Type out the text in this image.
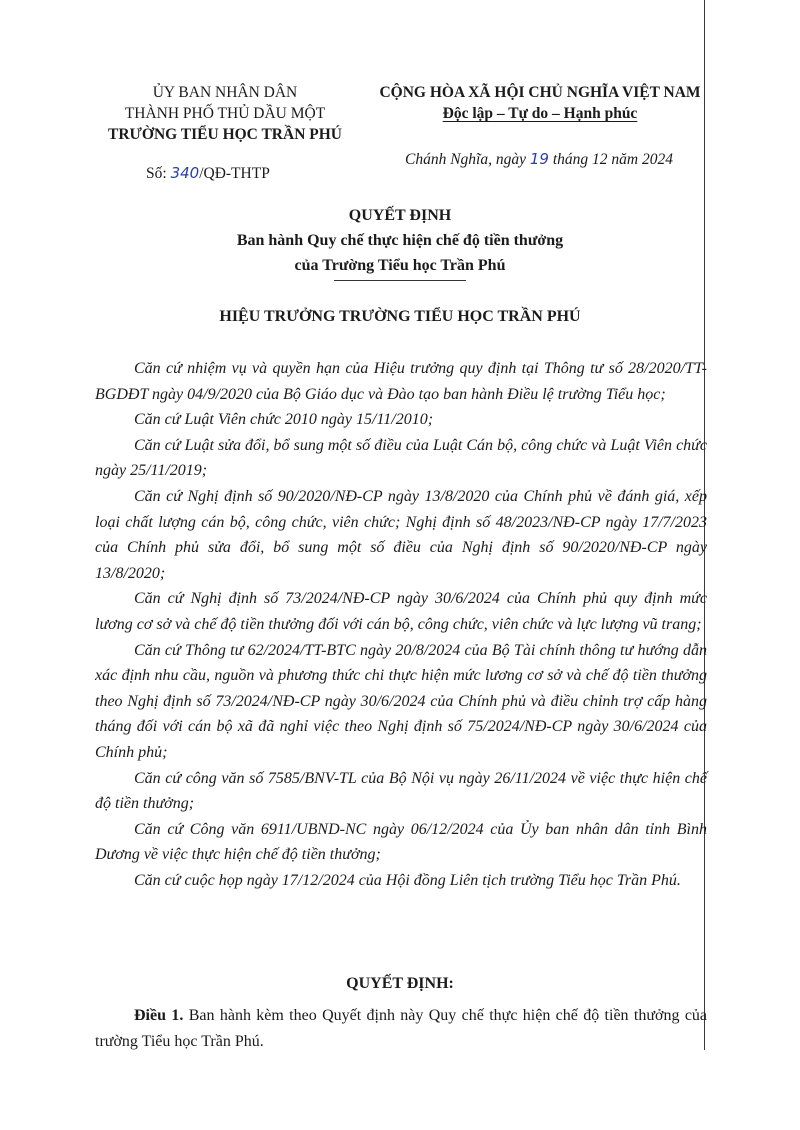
ỦY BAN NHÂN DÂN
THÀNH PHỐ THỦ DẦU MỘT
TRƯỜNG TIỂU HỌC TRẦN PHÚ
Số: 340/QĐ-THTP
CỘNG HÒA XÃ HỘI CHỦ NGHĨA VIỆT NAM
Độc lập – Tự do – Hạnh phúc
Chánh Nghĩa, ngày 19 tháng 12 năm 2024
QUYẾT ĐỊNH
Ban hành Quy chế thực hiện chế độ tiền thưởng
của Trường Tiểu học Trần Phú
HIỆU TRƯỞNG TRƯỜNG TIỂU HỌC TRẦN PHÚ

Căn cứ nhiệm vụ và quyền hạn của Hiệu trưởng quy định tại Thông tư số 28/2020/TT-BGDĐT ngày 04/9/2020 của Bộ Giáo dục và Đào tạo ban hành Điều lệ trường Tiểu học;

Căn cứ Luật Viên chức 2010 ngày 15/11/2010;

Căn cứ Luật sửa đổi, bổ sung một số điều của Luật Cán bộ, công chức và Luật Viên chức ngày 25/11/2019;

Căn cứ Nghị định số 90/2020/NĐ-CP ngày 13/8/2020 của Chính phủ về đánh giá, xếp loại chất lượng cán bộ, công chức, viên chức; Nghị định số 48/2023/NĐ-CP ngày 17/7/2023 của Chính phủ sửa đổi, bổ sung một số điều của Nghị định số 90/2020/NĐ-CP ngày 13/8/2020;

Căn cứ Nghị định số 73/2024/NĐ-CP ngày 30/6/2024 của Chính phủ quy định mức lương cơ sở và chế độ tiền thưởng đối với cán bộ, công chức, viên chức và lực lượng vũ trang;

Căn cứ Thông tư 62/2024/TT-BTC ngày 20/8/2024 của Bộ Tài chính thông tư hướng dẫn xác định nhu cầu, nguồn và phương thức chi thực hiện mức lương cơ sở và chế độ tiền thưởng theo Nghị định số 73/2024/NĐ-CP ngày 30/6/2024 của Chính phủ và điều chỉnh trợ cấp hàng tháng đối với cán bộ xã đã nghỉ việc theo Nghị định số 75/2024/NĐ-CP ngày 30/6/2024 của Chính phủ;

Căn cứ công văn số 7585/BNV-TL của Bộ Nội vụ ngày 26/11/2024 về việc thực hiện chế độ tiền thưởng;

Căn cứ Công văn 6911/UBND-NC ngày 06/12/2024 của Ủy ban nhân dân tỉnh Bình Dương về việc thực hiện chế độ tiền thưởng;

Căn cứ cuộc họp ngày 17/12/2024 của Hội đồng Liên tịch trường Tiểu học Trần Phú.

QUYẾT ĐỊNH:

Điều 1. Ban hành kèm theo Quyết định này Quy chế thực hiện chế độ tiền thưởng của trường Tiểu học Trần Phú.
